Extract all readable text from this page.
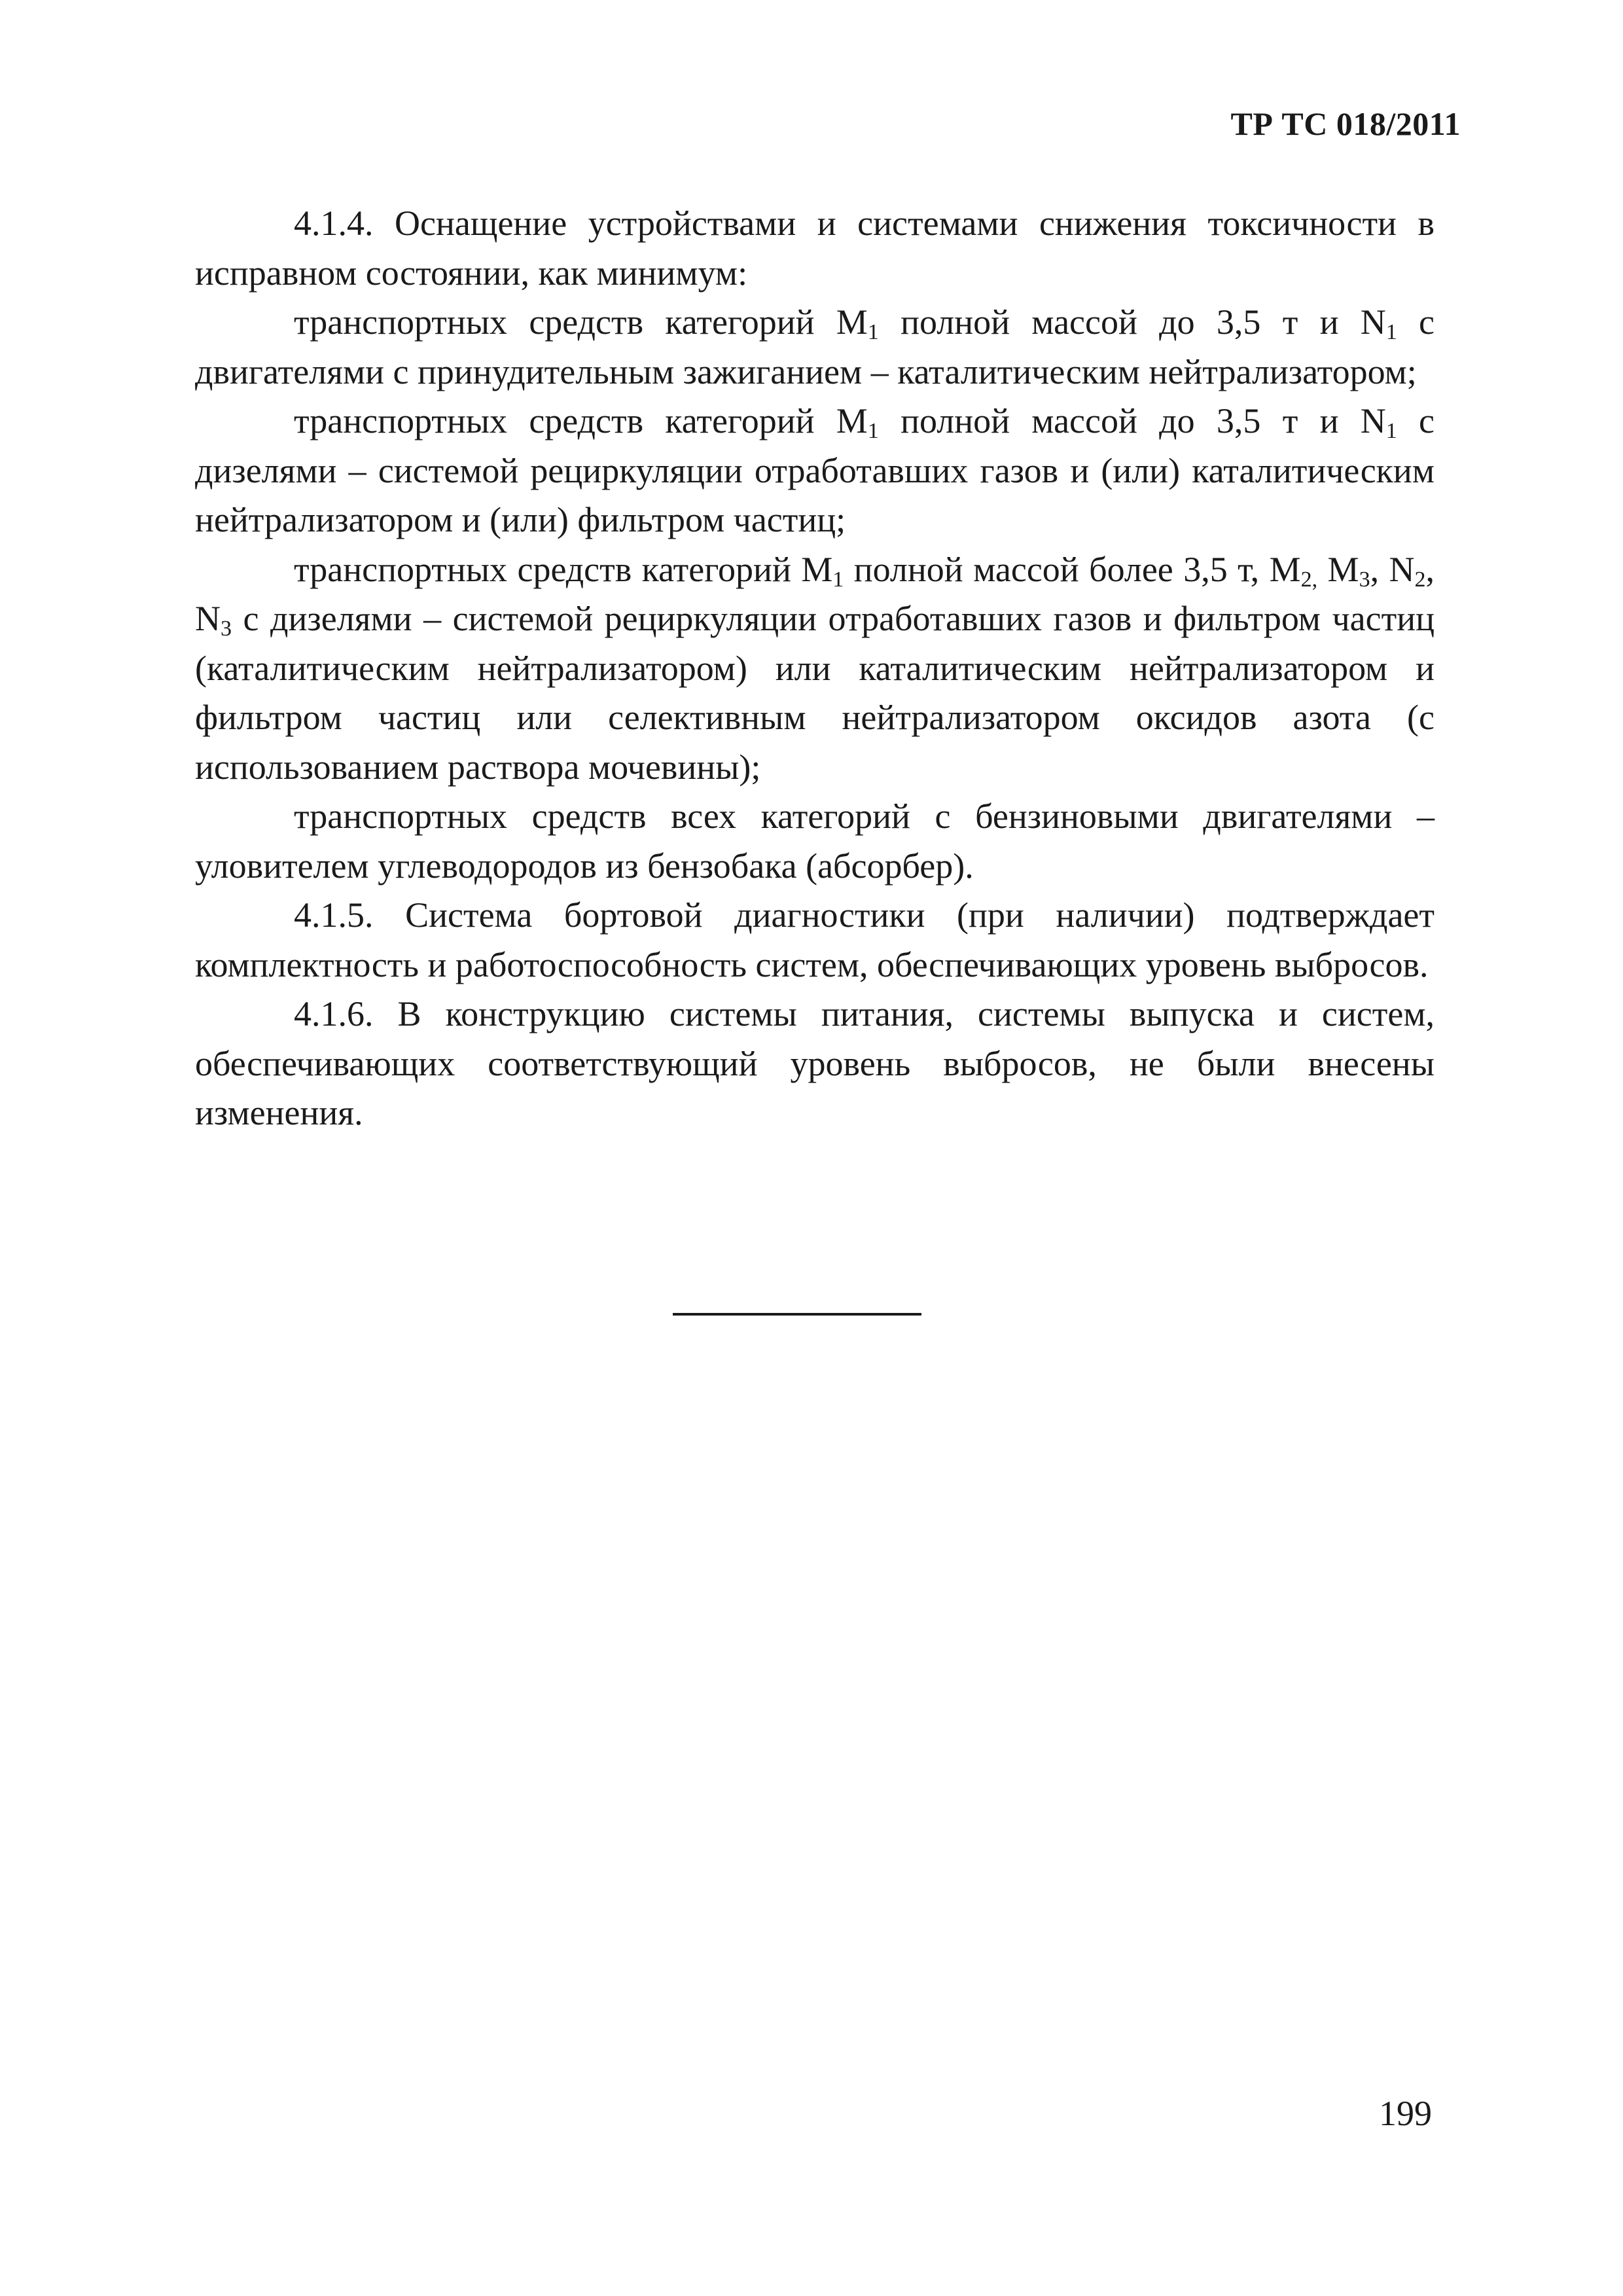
ТР ТС 018/2011

4.1.4. Оснащение устройствами и системами снижения токсичности в исправном состоянии, как минимум:

транспортных средств категорий $M_1$ полной массой до 3,5 т и $N_1$ с двигателями с принудительным зажиганием – каталитическим нейтрализатором;

транспортных средств категорий $M_1$ полной массой до 3,5 т и $N_1$ с дизелями – системой рециркуляции отработавших газов и (или) каталитическим нейтрализатором и (или) фильтром частиц;

транспортных средств категорий $M_1$ полной массой более 3,5 т, $M_{2,}$ $M_3$, $N_2$, $N_3$ с дизелями – системой рециркуляции отработавших газов и фильтром частиц (каталитическим нейтрализатором) или каталитическим нейтрализатором и фильтром частиц или селективным нейтрализатором оксидов азота (с использованием раствора мочевины);

транспортных средств всех категорий с бензиновыми двигателями – уловителем углеводородов из бензобака (абсорбер).

4.1.5. Система бортовой диагностики (при наличии) подтверждает комплектность и работоспособность систем, обеспечивающих уровень выбросов.

4.1.6. В конструкцию системы питания, системы выпуска и систем, обеспечивающих соответствующий уровень выбросов, не были внесены изменения.

199
